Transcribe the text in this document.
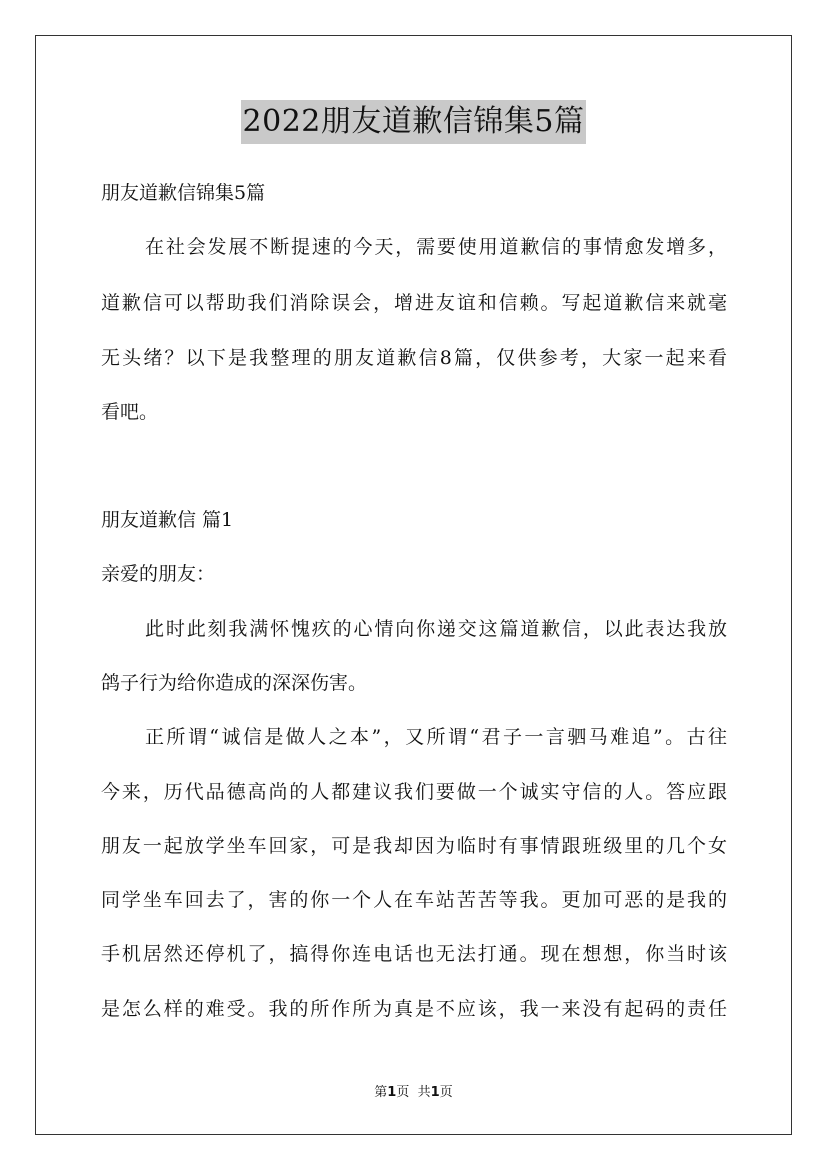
2022朋友道歉信锦集5篇
朋友道歉信锦集5篇
在社会发展不断提速的今天，需要使用道歉信的事情愈发增多，
道歉信可以帮助我们消除误会，增进友谊和信赖。写起道歉信来就毫
无头绪？以下是我整理的朋友道歉信8篇，仅供参考，大家一起来看
看吧。
朋友道歉信 篇1
亲爱的朋友：
此时此刻我满怀愧疚的心情向你递交这篇道歉信，以此表达我放
鸽子行为给你造成的深深伤害。
正所谓“诚信是做人之本”，又所谓“君子一言驷马难追”。古往
今来，历代品德高尚的人都建议我们要做一个诚实守信的人。答应跟
朋友一起放学坐车回家，可是我却因为临时有事情跟班级里的几个女
同学坐车回去了，害的你一个人在车站苦苦等我。更加可恶的是我的
手机居然还停机了，搞得你连电话也无法打通。现在想想，你当时该
是怎么样的难受。我的所作所为真是不应该，我一来没有起码的责任
第1页 共1页
